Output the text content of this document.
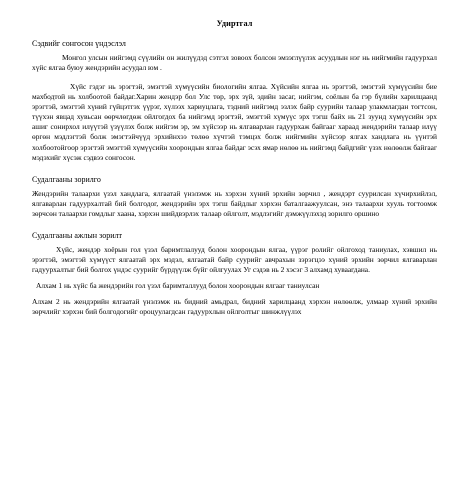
Удиртгал
Сэдвийг сонгосон үндэслэл

Монгол улсын нийгэмд сүүлийн он жилүүдэд сэтгэл зовоох болсон эмзэглүүлэх асуудлын нэг нь нийгмийн гадуурхал хүйс ялгаа буюу жендэрийн асуудал юм .

Хүйс гэдэг нь эрэгтэй, эмэгтэй хүмүүсийн биологийн ялгаа. Хүйсийн ялгаа нь эрэгтэй, эмэгтэй хүмүүсийн бие махбодтой нь холбоотой байдаг.Харин жендэр бол Улс төр, эрх зүй, эдийн засаг, нийгэм, соёлын ба гэр бүлийн харилцаанд эрэгтэй, эмэгтэй хүний гүйцэтгэх үүрэг, хүлээх хариуцлага, тэдний нийгэмд эзлэх байр суурийн талаар улакмлагдан тогтсон, түүхэн явцад хувьсан өөрчлөгдөж ойлгогдох ба нийгэмд эрэгтэй, эмэгтэй хүмүүс эрх тэгш байх нь 21 зуунд хүмүүсийн эрх ашиг сонирхол илүүтэй үзүүлэх болж нийгэм эр, эм хүйсээр нь ялгаварлан гадуурхаж байгааг хараад жендэрийн талаар илүү өргөн мэдлэгтэй болж эмэгтэйчүүд эрхийнхээ төлөө хүчтэй тэмцэх болж нийгмийн хүйсээр ялгах хандлага нь үүнтэй холбоотойгоор эрэгтэй эмэгтэй хүмүүсийн хоорондын ялгаа байдаг эсэх ямар нөлөө нь нийгэмд байдгийг үзэх нөлөөлж байгааг мэдэхийг хүсэж сэдвээ сонгосон.

Судалгааны зорилго

Жендэрийн талаархи үзэл хандлага, ялгаатай үнэлэмж нь хэрхэн хүний эрхийн зөрчил , жендэрт суурилсан хүчирхийлэл, ялгаварлан гадуурхалтай бий болгодог, жендэрийн эрх тэгш байдлыг хэрхэн баталгаажуулсан, энэ талаархи хууль тогтоомж зөрчсөн талаархи гомдлыг хаана, хэрхэн шийдвэрлэх талаар ойлголт, мэдлэгийг дэмжүүлэхэд зорилго оршино

Судалгааны ажлын зорилт

Хүйс, жендэр хоёрын гол үзэл баримтлалууд болон хоорондын ялгаа, үүрэг ролийг ойлгоход таниулах, хэвшил нь эрэгтэй, эмэгтэй хүмүүст ялгаатай эрх мэдэл, ялгаатай байр суурийг авчрахын зэрэгцээ хүний эрхийн зөрчил ялгаварлан гадуурхалтыг бий болгох үндэс суурийг бүрдүүлж бүйг ойлгуулах Уг сэдэв нь 2 хэсэг 3 алхамд хуваагдана.

Алхам 1 нь хүйс ба жендэрийн гол үзэл баримталлууд болон хоорондын ялгааг таниулсан

Алхам 2 нь жендэрийн ялгаатай үнэлэмж нь бидний амьдрал, бидний харилцаанд хэрхэн нөлөөлж, улмаар хүний эрхийн зөрчлийг хэрхэн бий болгодогийг ороцуулагдсан гадуурхлын ойлголтыг шинжлүүлэх
